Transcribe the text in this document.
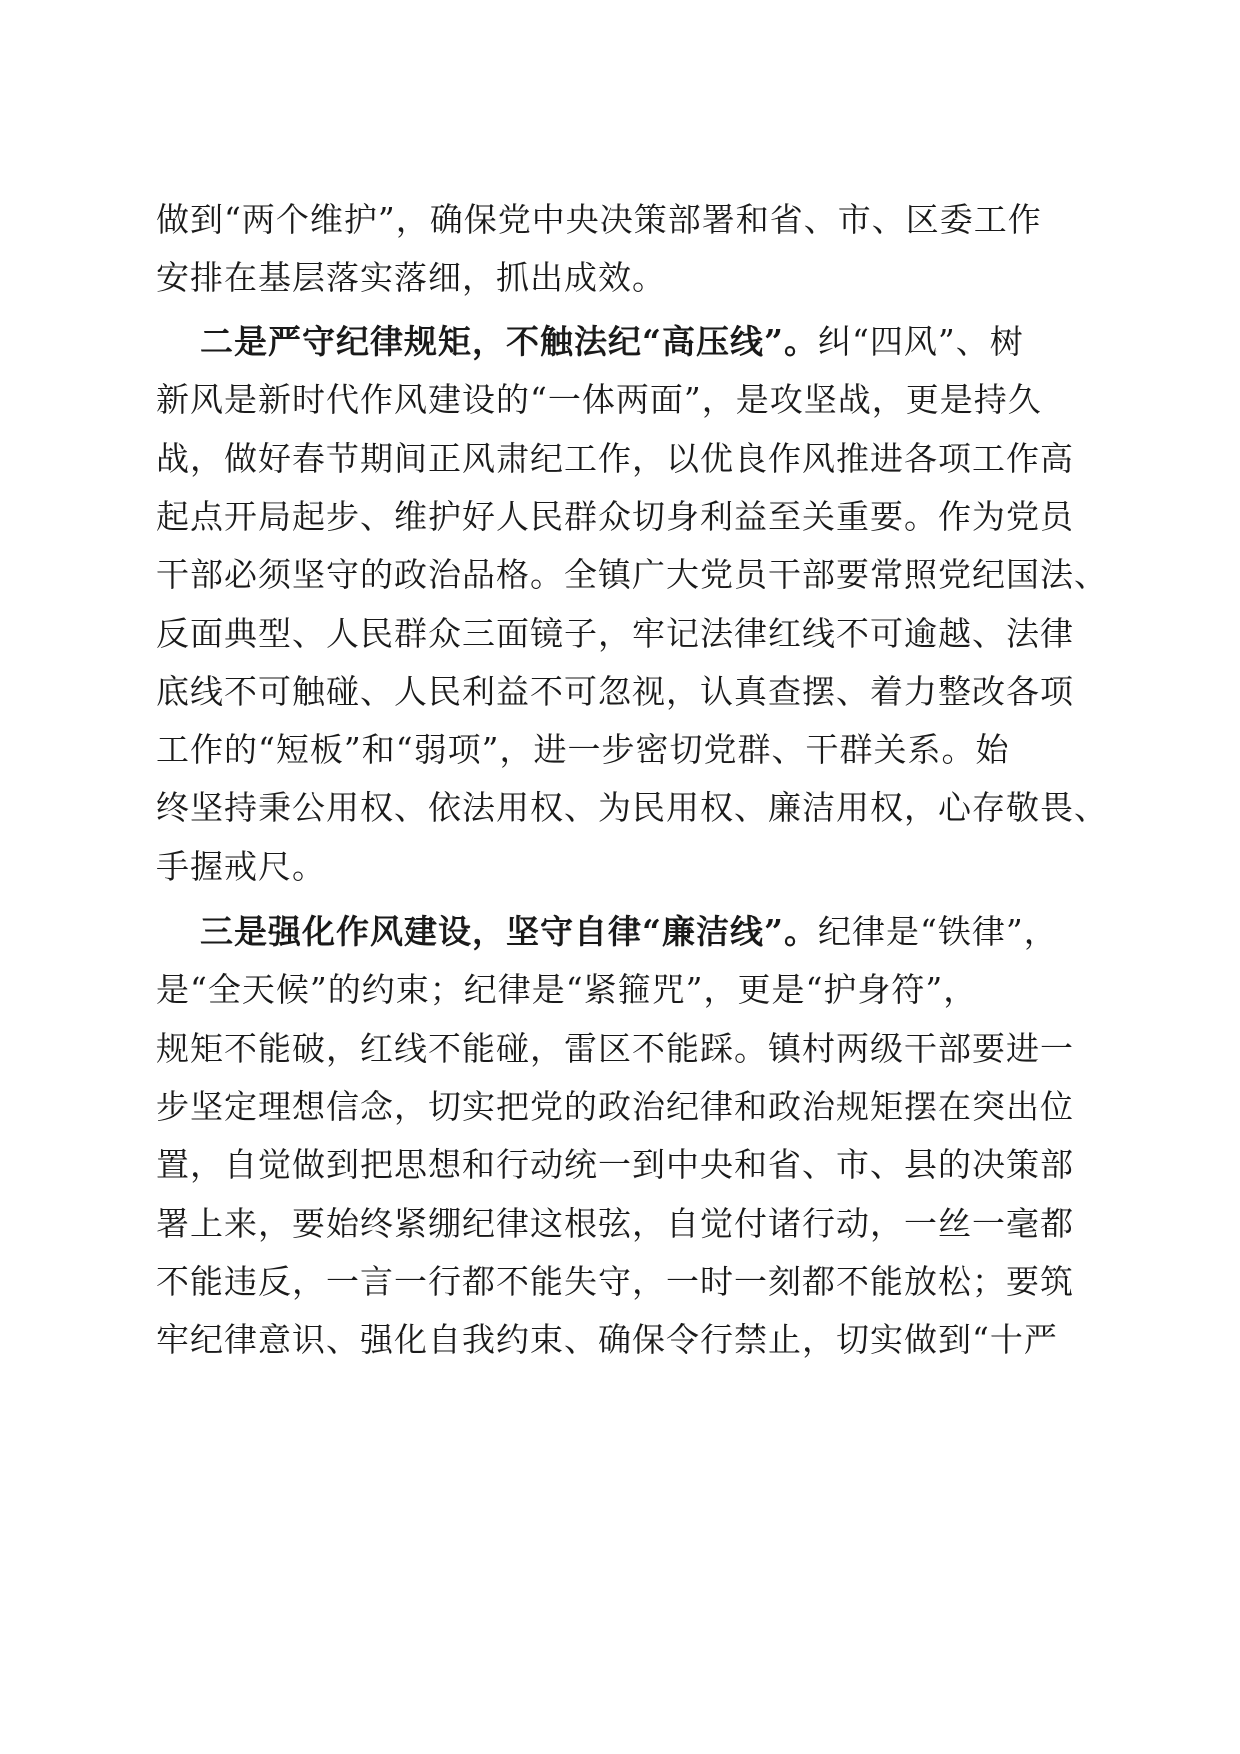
做到“两个维护”，确保党中央决策部署和省、市、区委工作
安排在基层落实落细，抓出成效。
二是严守纪律规矩，不触法纪“高压线”。纠“四风”、树
新风是新时代作风建设的“一体两面”，是攻坚战，更是持久
战，做好春节期间正风肃纪工作，以优良作风推进各项工作高
起点开局起步、维护好人民群众切身利益至关重要。作为党员
干部必须坚守的政治品格。全镇广大党员干部要常照党纪国法、
反面典型、人民群众三面镜子，牢记法律红线不可逾越、法律
底线不可触碰、人民利益不可忽视，认真查摆、着力整改各项
工作的“短板”和“弱项”，进一步密切党群、干群关系。始
终坚持秉公用权、依法用权、为民用权、廉洁用权，心存敬畏、
手握戒尺。
三是强化作风建设，坚守自律“廉洁线”。纪律是“铁律”，
是“全天候”的约束；纪律是“紧箍咒”，更是“护身符”，
规矩不能破，红线不能碰，雷区不能踩。镇村两级干部要进一
步坚定理想信念，切实把党的政治纪律和政治规矩摆在突出位
置，自觉做到把思想和行动统一到中央和省、市、县的决策部
署上来，要始终紧绷纪律这根弦，自觉付诸行动，一丝一毫都
不能违反，一言一行都不能失守，一时一刻都不能放松；要筑
牢纪律意识、强化自我约束、确保令行禁止，切实做到“十严
